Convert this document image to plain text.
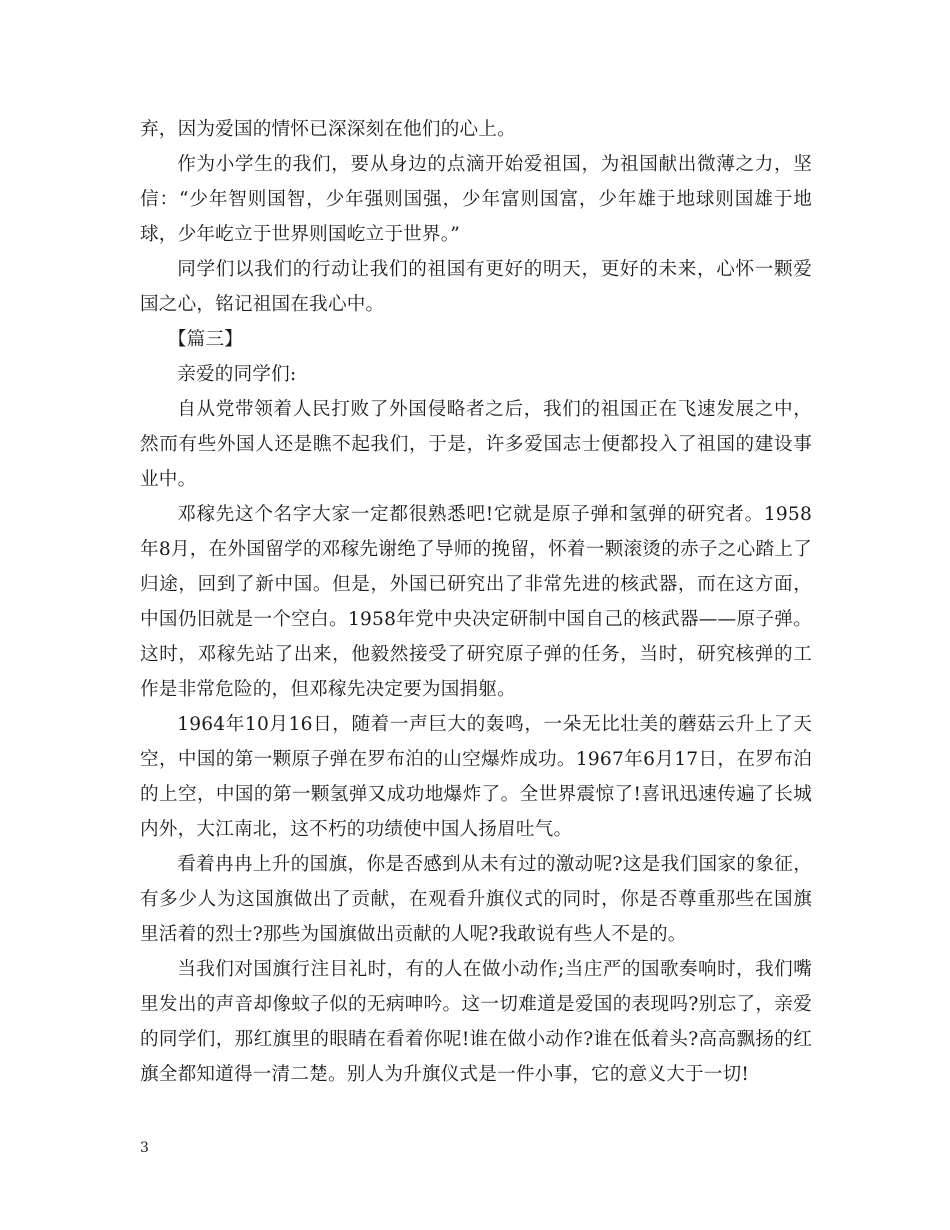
弃，因为爱国的情怀已深深刻在他们的心上。

作为小学生的我们，要从身边的点滴开始爱祖国，为祖国献出微薄之力，坚信：“少年智则国智，少年强则国强，少年富则国富，少年雄于地球则国雄于地球，少年屹立于世界则国屹立于世界。”

同学们以我们的行动让我们的祖国有更好的明天，更好的未来，心怀一颗爱国之心，铭记祖国在我心中。

【篇三】

亲爱的同学们:

自从党带领着人民打败了外国侵略者之后，我们的祖国正在飞速发展之中，然而有些外国人还是瞧不起我们，于是，许多爱国志士便都投入了祖国的建设事业中。

邓稼先这个名字大家一定都很熟悉吧!它就是原子弹和氢弹的研究者。1958年8月，在外国留学的邓稼先谢绝了导师的挽留，怀着一颗滚烫的赤子之心踏上了归途，回到了新中国。但是，外国已研究出了非常先进的核武器，而在这方面，中国仍旧就是一个空白。1958年党中央决定研制中国自己的核武器——原子弹。这时，邓稼先站了出来，他毅然接受了研究原子弹的任务，当时，研究核弹的工作是非常危险的，但邓稼先决定要为国捐躯。

1964年10月16日，随着一声巨大的轰鸣，一朵无比壮美的蘑菇云升上了天空，中国的第一颗原子弹在罗布泊的山空爆炸成功。1967年6月17日，在罗布泊的上空，中国的第一颗氢弹又成功地爆炸了。全世界震惊了!喜讯迅速传遍了长城内外，大江南北，这不朽的功绩使中国人扬眉吐气。

看着冉冉上升的国旗，你是否感到从未有过的激动呢?这是我们国家的象征，有多少人为这国旗做出了贡献，在观看升旗仪式的同时，你是否尊重那些在国旗里活着的烈士?那些为国旗做出贡献的人呢?我敢说有些人不是的。

当我们对国旗行注目礼时，有的人在做小动作;当庄严的国歌奏响时，我们嘴里发出的声音却像蚊子似的无病呻吟。这一切难道是爱国的表现吗?别忘了，亲爱的同学们，那红旗里的眼睛在看着你呢!谁在做小动作?谁在低着头?高高飘扬的红旗全都知道得一清二楚。别人为升旗仪式是一件小事，它的意义大于一切!

3
